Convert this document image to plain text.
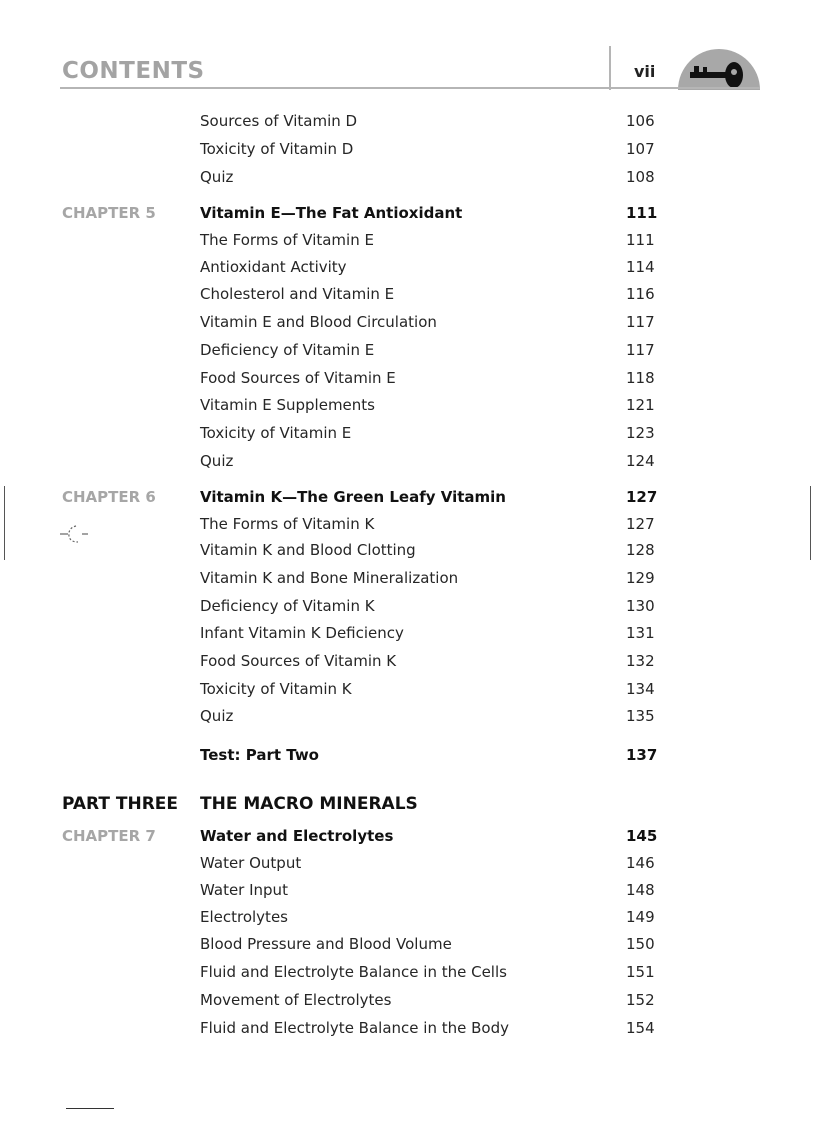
CONTENTS	vii
Sources of Vitamin D	106
Toxicity of Vitamin D	107
Quiz	108
CHAPTER 5	Vitamin E—The Fat Antioxidant	111
The Forms of Vitamin E	111
Antioxidant Activity	114
Cholesterol and Vitamin E	116
Vitamin E and Blood Circulation	117
Deficiency of Vitamin E	117
Food Sources of Vitamin E	118
Vitamin E Supplements	121
Toxicity of Vitamin E	123
Quiz	124
CHAPTER 6	Vitamin K—The Green Leafy Vitamin	127
The Forms of Vitamin K	127
Vitamin K and Blood Clotting	128
Vitamin K and Bone Mineralization	129
Deficiency of Vitamin K	130
Infant Vitamin K Deficiency	131
Food Sources of Vitamin K	132
Toxicity of Vitamin K	134
Quiz	135
Test: Part Two	137
PART THREE THE MACRO MINERALS
CHAPTER 7	Water and Electrolytes	145
Water Output	146
Water Input	148
Electrolytes	149
Blood Pressure and Blood Volume	150
Fluid and Electrolyte Balance in the Cells	151
Movement of Electrolytes	152
Fluid and Electrolyte Balance in the Body	154
